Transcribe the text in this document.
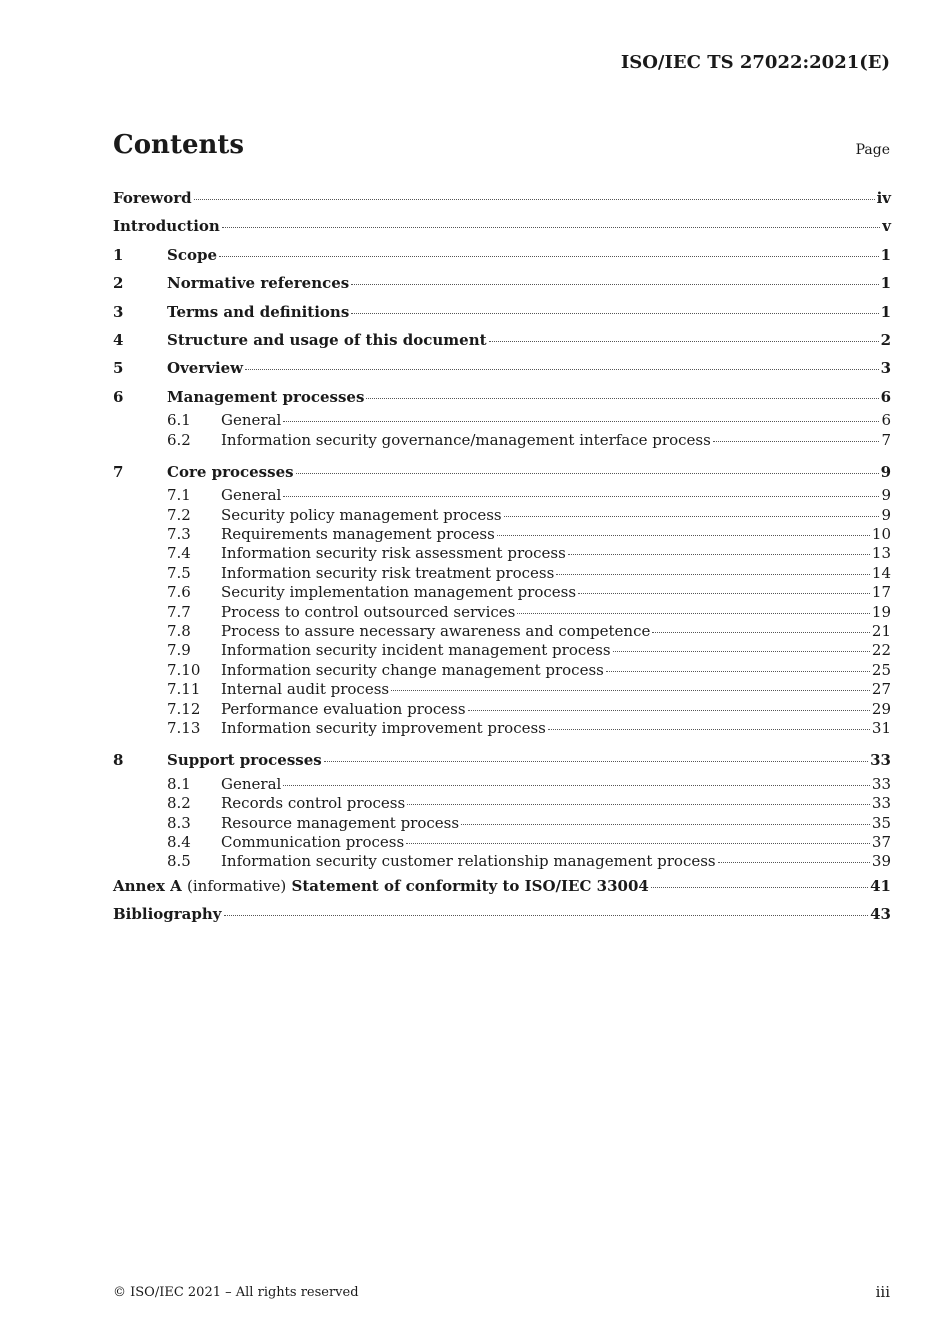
ISO/IEC TS 27022:2021(E)
Contents	Page
Foreword	iv
Introduction	v
1	Scope	1
2	Normative references	1
3	Terms and definitions	1
4	Structure and usage of this document	2
5	Overview	3
6	Management processes	6
6.1	General	6
6.2	Information security governance/management interface process	7
7	Core processes	9
7.1	General	9
7.2	Security policy management process	9
7.3	Requirements management process	10
7.4	Information security risk assessment process	13
7.5	Information security risk treatment process	14
7.6	Security implementation management process	17
7.7	Process to control outsourced services	19
7.8	Process to assure necessary awareness and competence	21
7.9	Information security incident management process	22
7.10	Information security change management process	25
7.11	Internal audit process	27
7.12	Performance evaluation process	29
7.13	Information security improvement process	31
8	Support processes	33
8.1	General	33
8.2	Records control process	33
8.3	Resource management process	35
8.4	Communication process	37
8.5	Information security customer relationship management process	39
Annex A (informative) Statement of conformity to ISO/IEC 33004	41
Bibliography	43
© ISO/IEC 2021 – All rights reserved	iii
